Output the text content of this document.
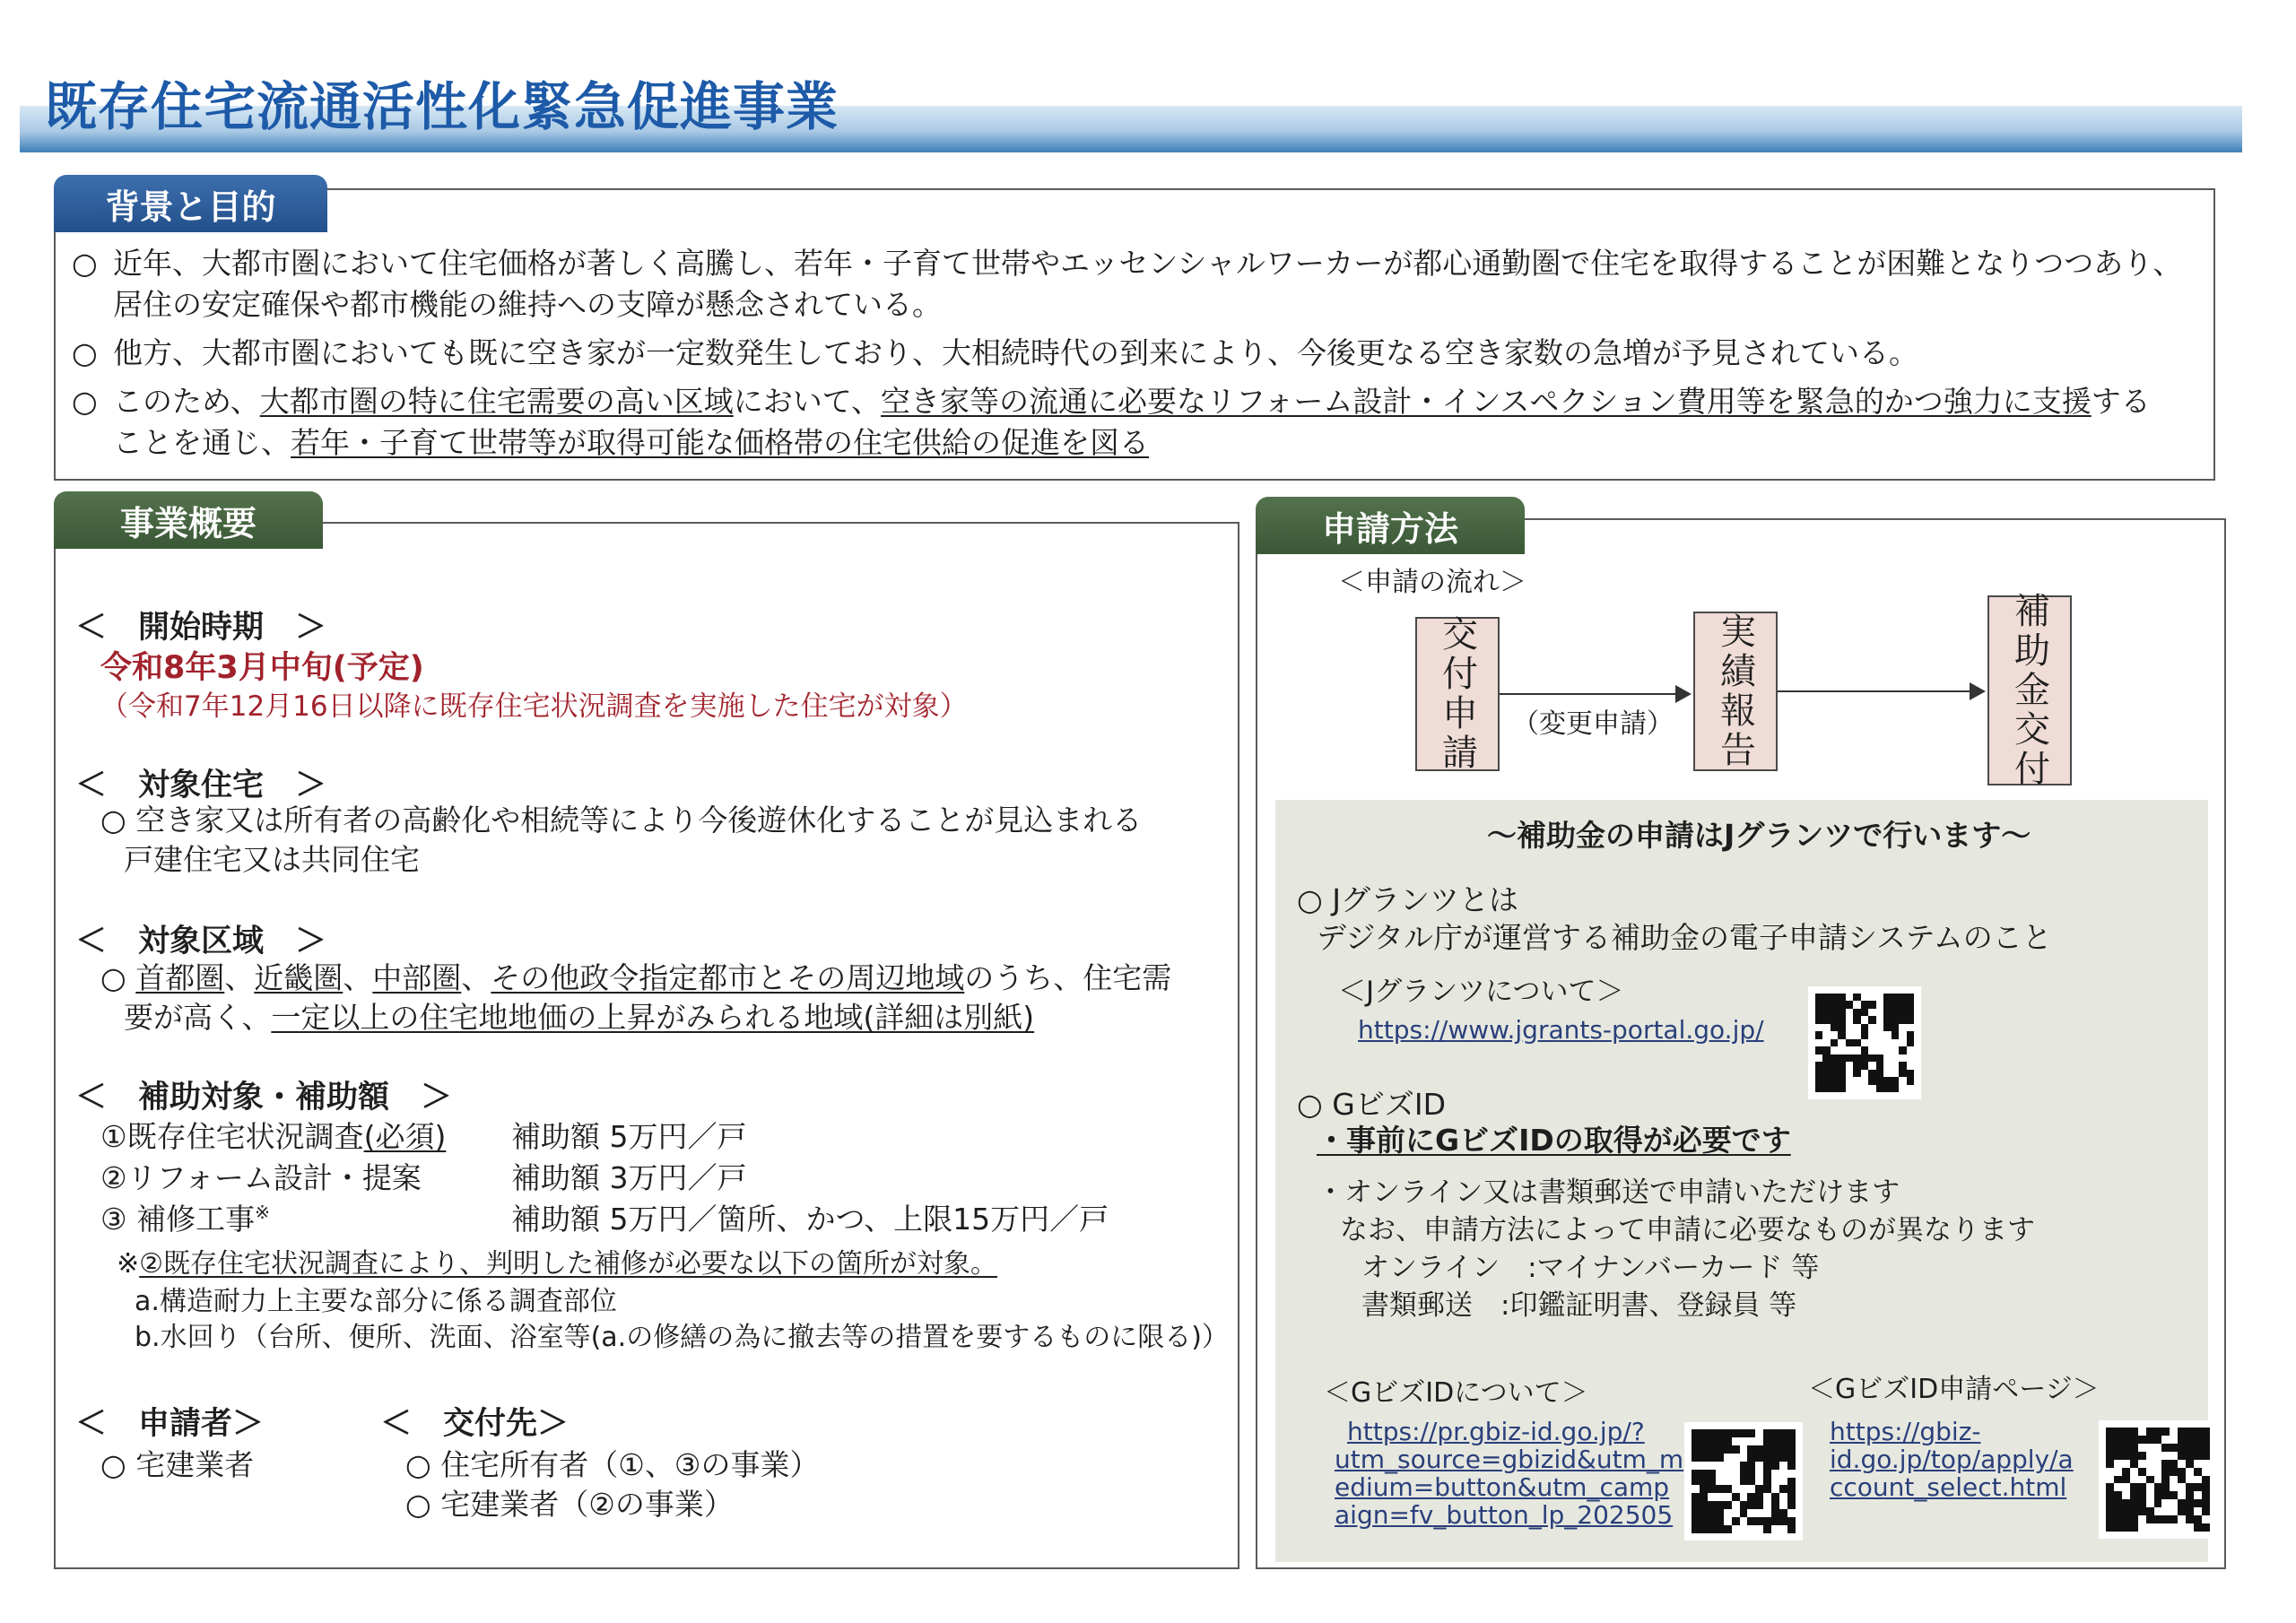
既存住宅流通活性化緊急促進事業
背景と目的
○ 近年、大都市圏において住宅価格が著しく高騰し、若年・子育て世帯やエッセンシャルワーカーが都心通勤圏で住宅を取得することが困難となりつつあり、
居住の安定確保や都市機能の維持への支障が懸念されている。
○ 他方、大都市圏においても既に空き家が一定数発生しており、大相続時代の到来により、今後更なる空き家数の急増が予見されている。
○ このため、大都市圏の特に住宅需要の高い区域において、空き家等の流通に必要なリフォーム設計・インスペクション費用等を緊急的かつ強力に支援する
ことを通じ、若年・子育て世帯等が取得可能な価格帯の住宅供給の促進を図る
事業概要
＜　開始時期　＞
令和8年3月中旬(予定)
（令和7年12月16日以降に既存住宅状況調査を実施した住宅が対象）
＜　対象住宅　＞
○ 空き家又は所有者の高齢化や相続等により今後遊休化することが見込まれる
戸建住宅又は共同住宅
＜　対象区域　＞
○ 首都圏、近畿圏、中部圏、その他政令指定都市とその周辺地域のうち、住宅需
要が高く、一定以上の住宅地地価の上昇がみられる地域(詳細は別紙)
＜　補助対象・補助額　＞
①既存住宅状況調査(必須) 補助額 5万円／戸
②リフォーム設計・提案	補助額 3万円／戸
③ 補修工事※	補助額 5万円／箇所、かつ、上限15万円／戸
※②既存住宅状況調査により、判明した補修が必要な以下の箇所が対象。
a.構造耐力上主要な部分に係る調査部位
b.水回り（台所、便所、洗面、浴室等(a.の修繕の為に撤去等の措置を要するものに限る)）
＜　申請者＞
○ 宅建業者
＜　交付先＞
○ 住宅所有者（①、③の事業）
○ 宅建業者（②の事業）
申請方法
＜申請の流れ＞
交付申請	実績報告	補助金交付
（変更申請）
～補助金の申請はJグランツで行います～
○ Jグランツとは
デジタル庁が運営する補助金の電子申請システムのこと
＜Jグランツについて＞
https://www.jgrants-portal.go.jp/
○ GビズID
・事前にGビズIDの取得が必要です
・オンライン又は書類郵送で申請いただけます
なお、申請方法によって申請に必要なものが異なります
オンライン　:マイナンバーカード 等
書類郵送　:印鑑証明書、登録員 等
＜GビズIDについて＞
https://pr.gbiz-id.go.jp/?
utm_source=gbizid&utm_m
edium=button&utm_camp
aign=fv_button_lp_202505
＜GビズID申請ページ＞
https://gbiz-
id.go.jp/top/apply/a
ccount_select.html
